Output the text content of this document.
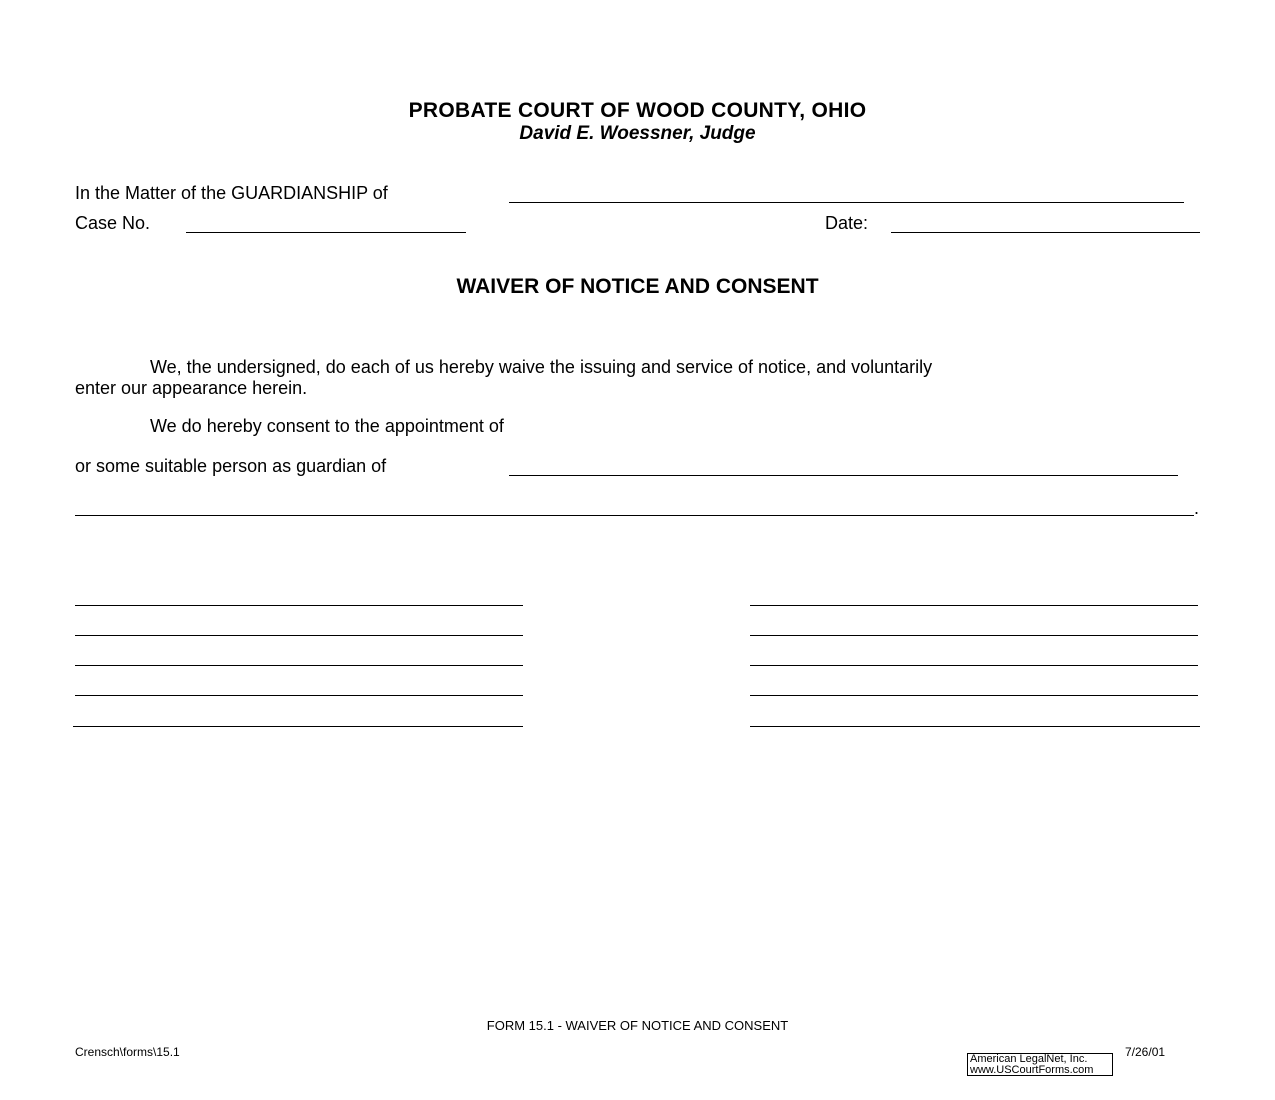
PROBATE COURT OF WOOD COUNTY, OHIO
David E. Woessner, Judge
In the Matter of the GUARDIANSHIP of
Case No.	Date:
WAIVER OF NOTICE AND CONSENT
We, the undersigned, do each of us hereby waive the issuing and service of notice, and voluntarily
enter our appearance herein.
We do hereby consent to the appointment of
or some suitable person as guardian of
.
FORM 15.1 - WAIVER OF NOTICE AND CONSENT
Crensch\forms\15.1	7/26/01
American LegalNet, Inc.
www.USCourtForms.com
